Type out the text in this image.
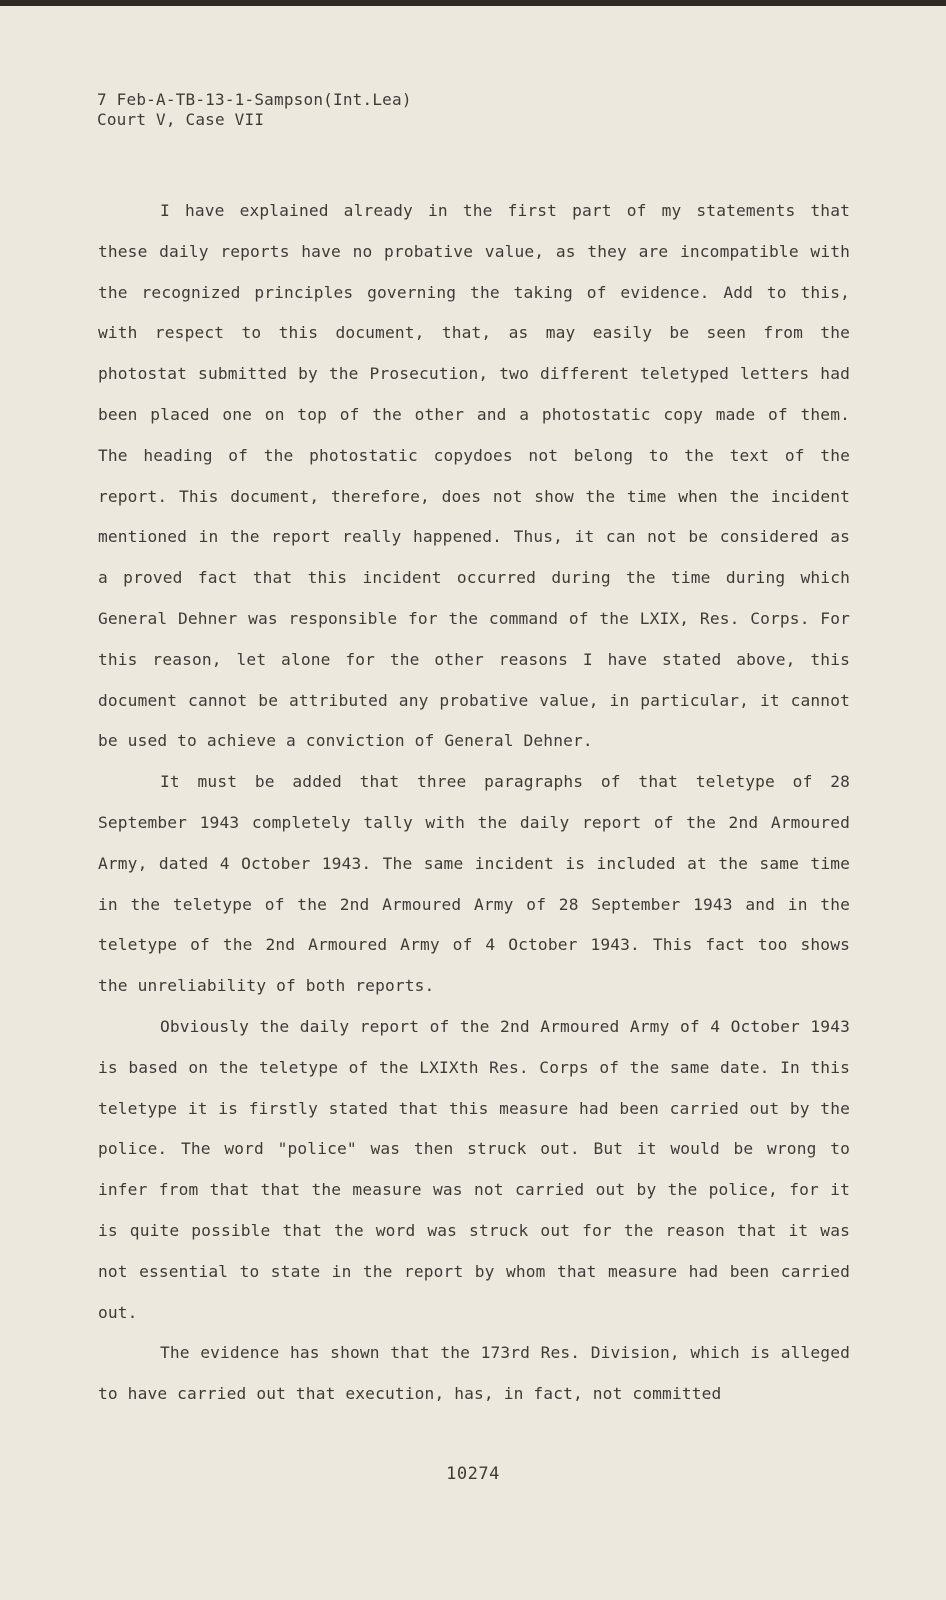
7 Feb-A-TB-13-1-Sampson(Int.Lea)
Court V, Case VII

I have explained already in the first part of my statements that these daily reports have no probative value, as they are incompatible with the recognized principles governing the taking of evidence. Add to this, with respect to this document, that, as may easily be seen from the photostat submitted by the Prosecution, two different teletyped letters had been placed one on top of the other and a photostatic copy made of them. The heading of the photostatic copydoes not belong to the text of the report. This document, therefore, does not show the time when the incident mentioned in the report really happened. Thus, it can not be considered as a proved fact that this incident occurred during the time during which General Dehner was responsible for the command of the LXIX, Res. Corps. For this reason, let alone for the other reasons I have stated above, this document cannot be attributed any probative value, in particular, it cannot be used to achieve a conviction of General Dehner.

It must be added that three paragraphs of that teletype of 28 September 1943 completely tally with the daily report of the 2nd Armoured Army, dated 4 October 1943. The same incident is included at the same time in the teletype of the 2nd Armoured Army of 28 September 1943 and in the teletype of the 2nd Armoured Army of 4 October 1943. This fact too shows the unreliability of both reports.

Obviously the daily report of the 2nd Armoured Army of 4 October 1943 is based on the teletype of the LXIXth Res. Corps of the same date. In this teletype it is firstly stated that this measure had been carried out by the police. The word "police" was then struck out. But it would be wrong to infer from that that the measure was not carried out by the police, for it is quite possible that the word was struck out for the reason that it was not essential to state in the report by whom that measure had been carried out.

The evidence has shown that the 173rd Res. Division, which is alleged to have carried out that execution, has, in fact, not committed

10274
